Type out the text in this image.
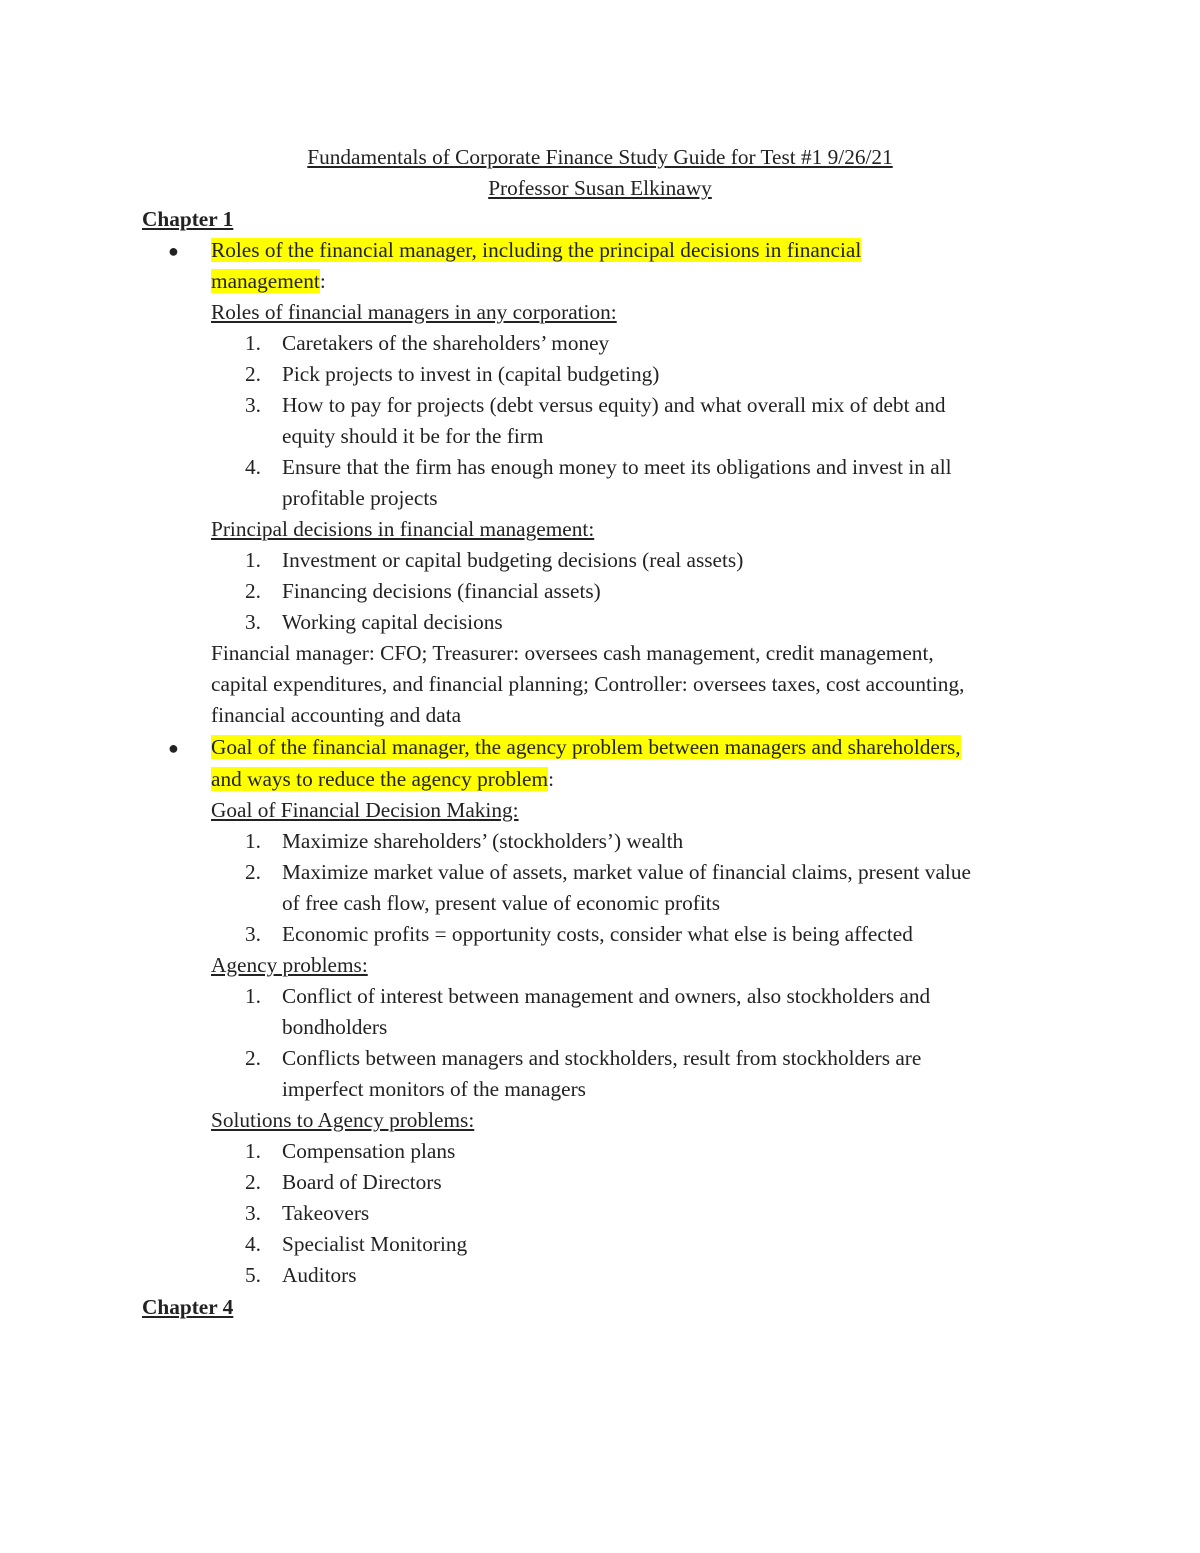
Fundamentals of Corporate Finance Study Guide for Test #1 9/26/21
Professor Susan Elkinawy
Chapter 1
● Roles of the financial manager, including the principal decisions in financial
management:
Roles of financial managers in any corporation:
1. Caretakers of the shareholders’ money
2. Pick projects to invest in (capital budgeting)
3. How to pay for projects (debt versus equity) and what overall mix of debt and
equity should it be for the firm
4. Ensure that the firm has enough money to meet its obligations and invest in all
profitable projects
Principal decisions in financial management:
1. Investment or capital budgeting decisions (real assets)
2. Financing decisions (financial assets)
3. Working capital decisions
Financial manager: CFO; Treasurer: oversees cash management, credit management,
capital expenditures, and financial planning; Controller: oversees taxes, cost accounting,
financial accounting and data
● Goal of the financial manager, the agency problem between managers and shareholders,
and ways to reduce the agency problem:
Goal of Financial Decision Making:
1. Maximize shareholders’ (stockholders’) wealth
2. Maximize market value of assets, market value of financial claims, present value
of free cash flow, present value of economic profits
3. Economic profits = opportunity costs, consider what else is being affected
Agency problems:
1. Conflict of interest between management and owners, also stockholders and
bondholders
2. Conflicts between managers and stockholders, result from stockholders are
imperfect monitors of the managers
Solutions to Agency problems:
1. Compensation plans
2. Board of Directors
3. Takeovers
4. Specialist Monitoring
5. Auditors
Chapter 4
